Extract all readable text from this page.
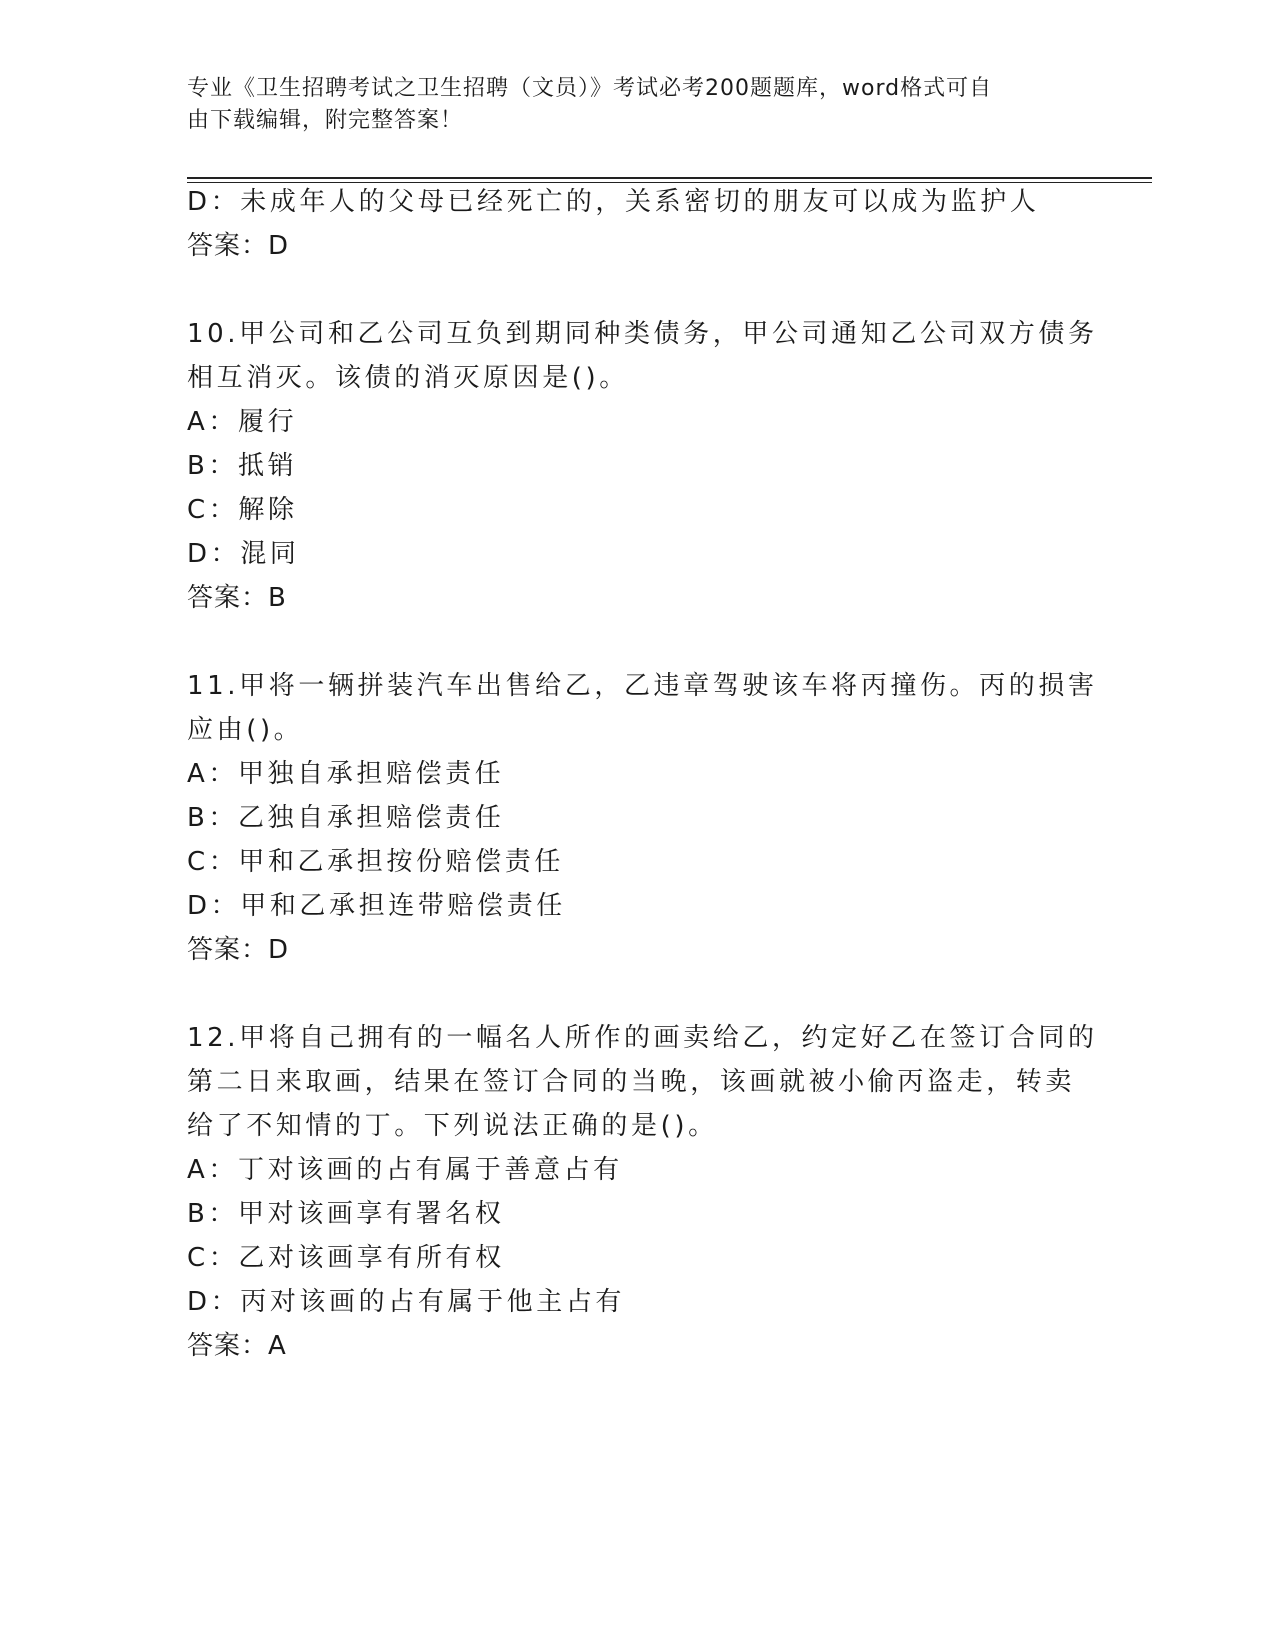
专业《卫生招聘考试之卫生招聘（文员）》考试必考200题题库，word格式可自
由下载编辑，附完整答案！
D：未成年人的父母已经死亡的，关系密切的朋友可以成为监护人
答案：D
10.甲公司和乙公司互负到期同种类债务，甲公司通知乙公司双方债务
相互消灭。该债的消灭原因是()。
A：履行
B：抵销
C：解除
D：混同
答案：B
11.甲将一辆拼装汽车出售给乙，乙违章驾驶该车将丙撞伤。丙的损害
应由()。
A：甲独自承担赔偿责任
B：乙独自承担赔偿责任
C：甲和乙承担按份赔偿责任
D：甲和乙承担连带赔偿责任
答案：D
12.甲将自己拥有的一幅名人所作的画卖给乙，约定好乙在签订合同的
第二日来取画，结果在签订合同的当晚，该画就被小偷丙盗走，转卖
给了不知情的丁。下列说法正确的是()。
A：丁对该画的占有属于善意占有
B：甲对该画享有署名权
C：乙对该画享有所有权
D：丙对该画的占有属于他主占有
答案：A
